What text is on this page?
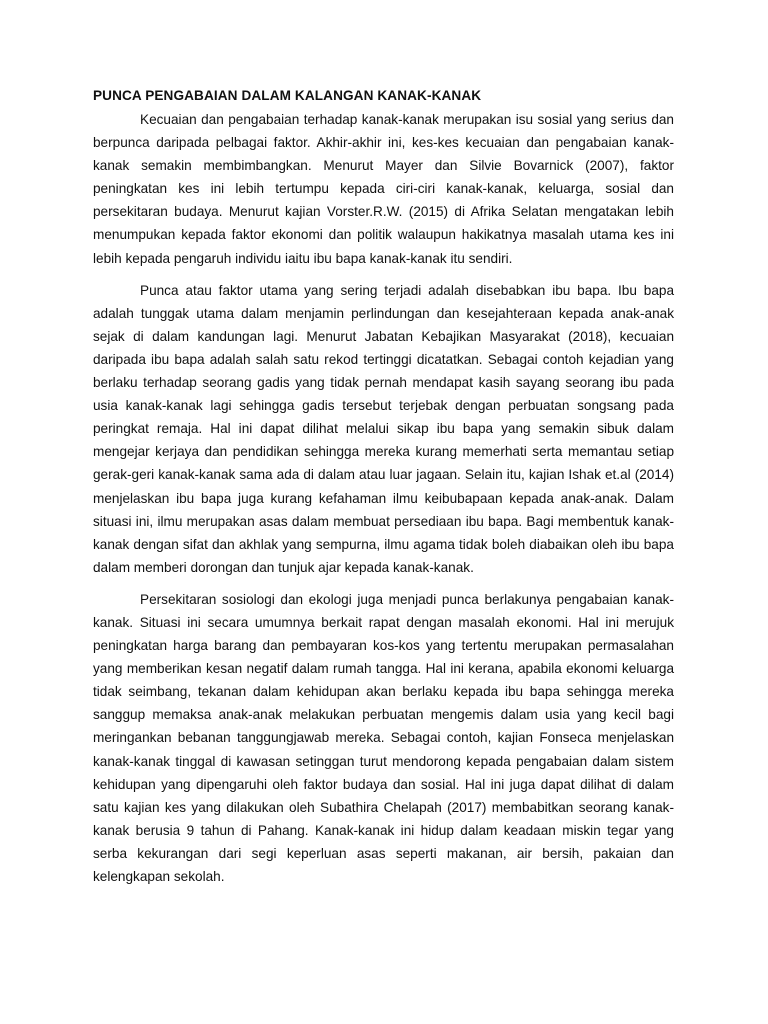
PUNCA PENGABAIAN DALAM KALANGAN KANAK-KANAK

Kecuaian dan pengabaian terhadap kanak-kanak merupakan isu sosial yang serius dan berpunca daripada pelbagai faktor. Akhir-akhir ini, kes-kes kecuaian dan pengabaian kanak-kanak semakin membimbangkan. Menurut Mayer dan Silvie Bovarnick (2007), faktor peningkatan kes ini lebih tertumpu kepada ciri-ciri kanak-kanak, keluarga, sosial dan persekitaran budaya. Menurut kajian Vorster.R.W. (2015) di Afrika Selatan mengatakan lebih menumpukan kepada faktor ekonomi dan politik walaupun hakikatnya masalah utama kes ini lebih kepada pengaruh individu iaitu ibu bapa kanak-kanak itu sendiri.

Punca atau faktor utama yang sering terjadi adalah disebabkan ibu bapa. Ibu bapa adalah tunggak utama dalam menjamin perlindungan dan kesejahteraan kepada anak-anak sejak di dalam kandungan lagi. Menurut Jabatan Kebajikan Masyarakat (2018), kecuaian daripada ibu bapa adalah salah satu rekod tertinggi dicatatkan. Sebagai contoh kejadian yang berlaku terhadap seorang gadis yang tidak pernah mendapat kasih sayang seorang ibu pada usia kanak-kanak lagi sehingga gadis tersebut terjebak dengan perbuatan songsang pada peringkat remaja. Hal ini dapat dilihat melalui sikap ibu bapa yang semakin sibuk dalam mengejar kerjaya dan pendidikan sehingga mereka kurang memerhati serta memantau setiap gerak-geri kanak-kanak sama ada di dalam atau luar jagaan. Selain itu, kajian Ishak et.al (2014) menjelaskan ibu bapa juga kurang kefahaman ilmu keibubapaan kepada anak-anak. Dalam situasi ini, ilmu merupakan asas dalam membuat persediaan ibu bapa. Bagi membentuk kanak-kanak dengan sifat dan akhlak yang sempurna, ilmu agama tidak boleh diabaikan oleh ibu bapa dalam memberi dorongan dan tunjuk ajar kepada kanak-kanak.

Persekitaran sosiologi dan ekologi juga menjadi punca berlakunya pengabaian kanak-kanak. Situasi ini secara umumnya berkait rapat dengan masalah ekonomi. Hal ini merujuk peningkatan harga barang dan pembayaran kos-kos yang tertentu merupakan permasalahan yang memberikan kesan negatif dalam rumah tangga. Hal ini kerana, apabila ekonomi keluarga tidak seimbang, tekanan dalam kehidupan akan berlaku kepada ibu bapa sehingga mereka sanggup memaksa anak-anak melakukan perbuatan mengemis dalam usia yang kecil bagi meringankan bebanan tanggungjawab mereka. Sebagai contoh, kajian Fonseca menjelaskan kanak-kanak tinggal di kawasan setinggan turut mendorong kepada pengabaian dalam sistem kehidupan yang dipengaruhi oleh faktor budaya dan sosial. Hal ini juga dapat dilihat di dalam satu kajian kes yang dilakukan oleh Subathira Chelapah (2017) membabitkan seorang kanak-kanak berusia 9 tahun di Pahang. Kanak-kanak ini hidup dalam keadaan miskin tegar yang serba kekurangan dari segi keperluan asas seperti makanan, air bersih, pakaian dan kelengkapan sekolah.
